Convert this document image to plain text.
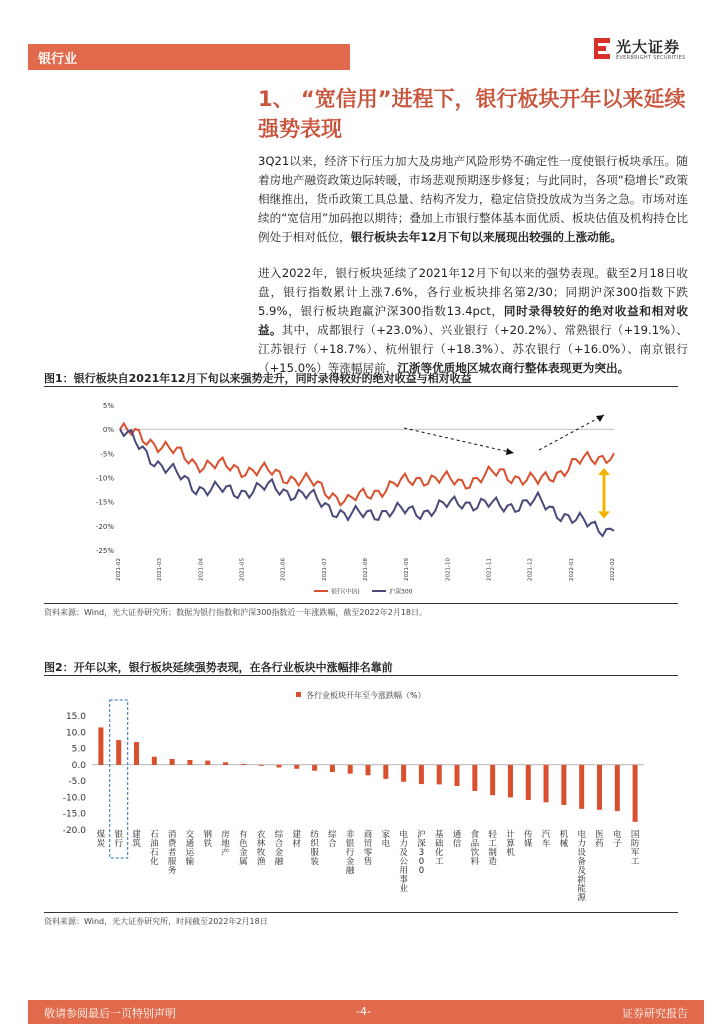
银行业
光大证券
EVERBRIGHT SECURITIES
1、 “宽信用”进程下，银行板块开年以来延续强势表现
3Q21以来，经济下行压力加大及房地产风险形势不确定性一度使银行板块承压。随着房地产融资政策边际转暖，市场悲观预期逐步修复；与此同时，各项“稳增长”政策相继推出，货币政策工具总量、结构齐发力，稳定信贷投放成为当务之急。市场对连续的“宽信用”加码抱以期待；叠加上市银行整体基本面优质、板块估值及机构持仓比例处于相对低位，银行板块去年12月下旬以来展现出较强的上涨动能。
进入2022年，银行板块延续了2021年12月下旬以来的强势表现。截至2月18日收盘，银行指数累计上涨7.6%，各行业板块排名第2/30；同期沪深300指数下跌5.9%，银行板块跑赢沪深300指数13.4pct，同时录得较好的绝对收益和相对收益。其中，成都银行（+23.0%）、兴业银行（+20.2%）、常熟银行（+19.1%）、江苏银行（+18.7%）、杭州银行（+18.3%）、苏农银行（+16.0%）、南京银行（+15.0%）等涨幅居前，江浙等优质地区城农商行整体表现更为突出。
图1：银行板块自2021年12月下旬以来强势走升，同时录得较好的绝对收益与相对收益
5%
0%
-5%
-10%
-15%
-20%
-25%
2021-02	2021-03	2021-04	2021-05	2021-06	2021-07	2021-08	2021-09	2021-10	2021-11	2021-12	2022-01	2022-02
银行(中信)	沪深300
资料来源：Wind，光大证券研究所；数据为银行指数和沪深300指数近一年涨跌幅，截至2022年2月18日。
图2：开年以来，银行板块延续强势表现，在各行业板块中涨幅排名靠前
15.0
10.0
5.0
0.0
-5.0
-10.0
-15.0
-20.0
各行业板块开年至今涨跌幅（%）
煤炭
银行
建筑
石油石化
消费者服务
交通运输
钢铁
房地产
有色金属
农林牧渔
综合金融
建材
纺织服装
综合
非银行金融
商贸零售
家电
电力及公用事业
沪深 3 0 0
基础化工
通信
食品饮料
轻工制造
计算机
传媒
汽车
机械
电力设备及新能源
医药
电子
国防军工
资料来源：Wind，光大证券研究所，时间截至2022年2月18日
敬请参阅最后一页特别声明	-4-	证券研究报告
